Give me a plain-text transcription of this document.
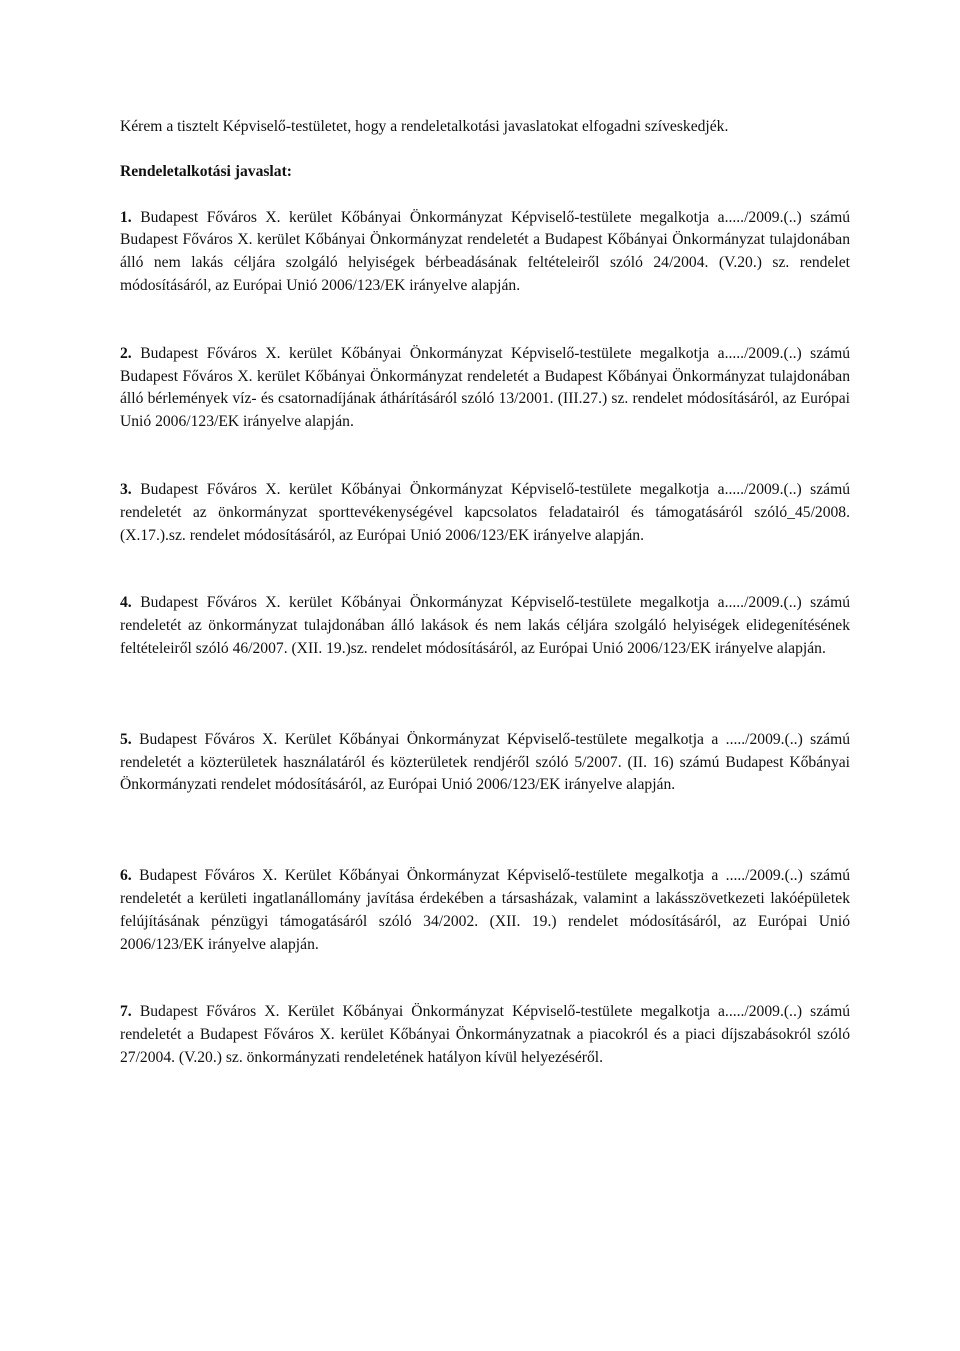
Kérem a tisztelt Képviselő-testületet, hogy a rendeletalkotási javaslatokat elfogadni szíveskedjék.

Rendeletalkotási javaslat:

1. Budapest Főváros X. kerület Kőbányai Önkormányzat Képviselő-testülete megalkotja a...../2009.(..) számú Budapest Főváros X. kerület Kőbányai Önkormányzat rendeletét a Budapest Kőbányai Önkormányzat tulajdonában álló nem lakás céljára szolgáló helyiségek bérbeadásának feltételeiről szóló 24/2004. (V.20.) sz. rendelet módosításáról, az Európai Unió 2006/123/EK irányelve alapján.

2. Budapest Főváros X. kerület Kőbányai Önkormányzat Képviselő-testülete megalkotja a...../2009.(..) számú Budapest Főváros X. kerület Kőbányai Önkormányzat rendeletét a Budapest Kőbányai Önkormányzat tulajdonában álló bérlemények víz- és csatornadíjának áthárításáról szóló 13/2001. (III.27.) sz. rendelet módosításáról, az Európai Unió 2006/123/EK irányelve alapján.

3. Budapest Főváros X. kerület Kőbányai Önkormányzat Képviselő-testülete megalkotja a...../2009.(..) számú rendeletét az önkormányzat sporttevékenységével kapcsolatos feladatairól és támogatásáról szóló_45/2008.(X.17.).sz. rendelet módosításáról, az Európai Unió 2006/123/EK irányelve alapján.

4. Budapest Főváros X. kerület Kőbányai Önkormányzat Képviselő-testülete megalkotja a...../2009.(..) számú rendeletét az önkormányzat tulajdonában álló lakások és nem lakás céljára szolgáló helyiségek elidegenítésének feltételeiről szóló 46/2007. (XII. 19.)sz. rendelet módosításáról, az Európai Unió 2006/123/EK irányelve alapján.

5. Budapest Főváros X. Kerület Kőbányai Önkormányzat Képviselő-testülete megalkotja a ...../2009.(..) számú rendeletét a közterületek használatáról és közterületek rendjéről szóló 5/2007. (II. 16) számú Budapest Kőbányai Önkormányzati rendelet módosításáról, az Európai Unió 2006/123/EK irányelve alapján.

6. Budapest Főváros X. Kerület Kőbányai Önkormányzat Képviselő-testülete megalkotja a ...../2009.(..) számú rendeletét a kerületi ingatlanállomány javítása érdekében a társasházak, valamint a lakásszövetkezeti lakóépületek felújításának pénzügyi támogatásáról szóló 34/2002. (XII. 19.) rendelet módosításáról, az Európai Unió 2006/123/EK irányelve alapján.

7. Budapest Főváros X. Kerület Kőbányai Önkormányzat Képviselő-testülete megalkotja a...../2009.(..) számú rendeletét a Budapest Főváros X. kerület Kőbányai Önkormányzatnak a piacokról és a piaci díjszabásokról szóló 27/2004. (V.20.) sz. önkormányzati rendeletének hatályon kívül helyezéséről.
